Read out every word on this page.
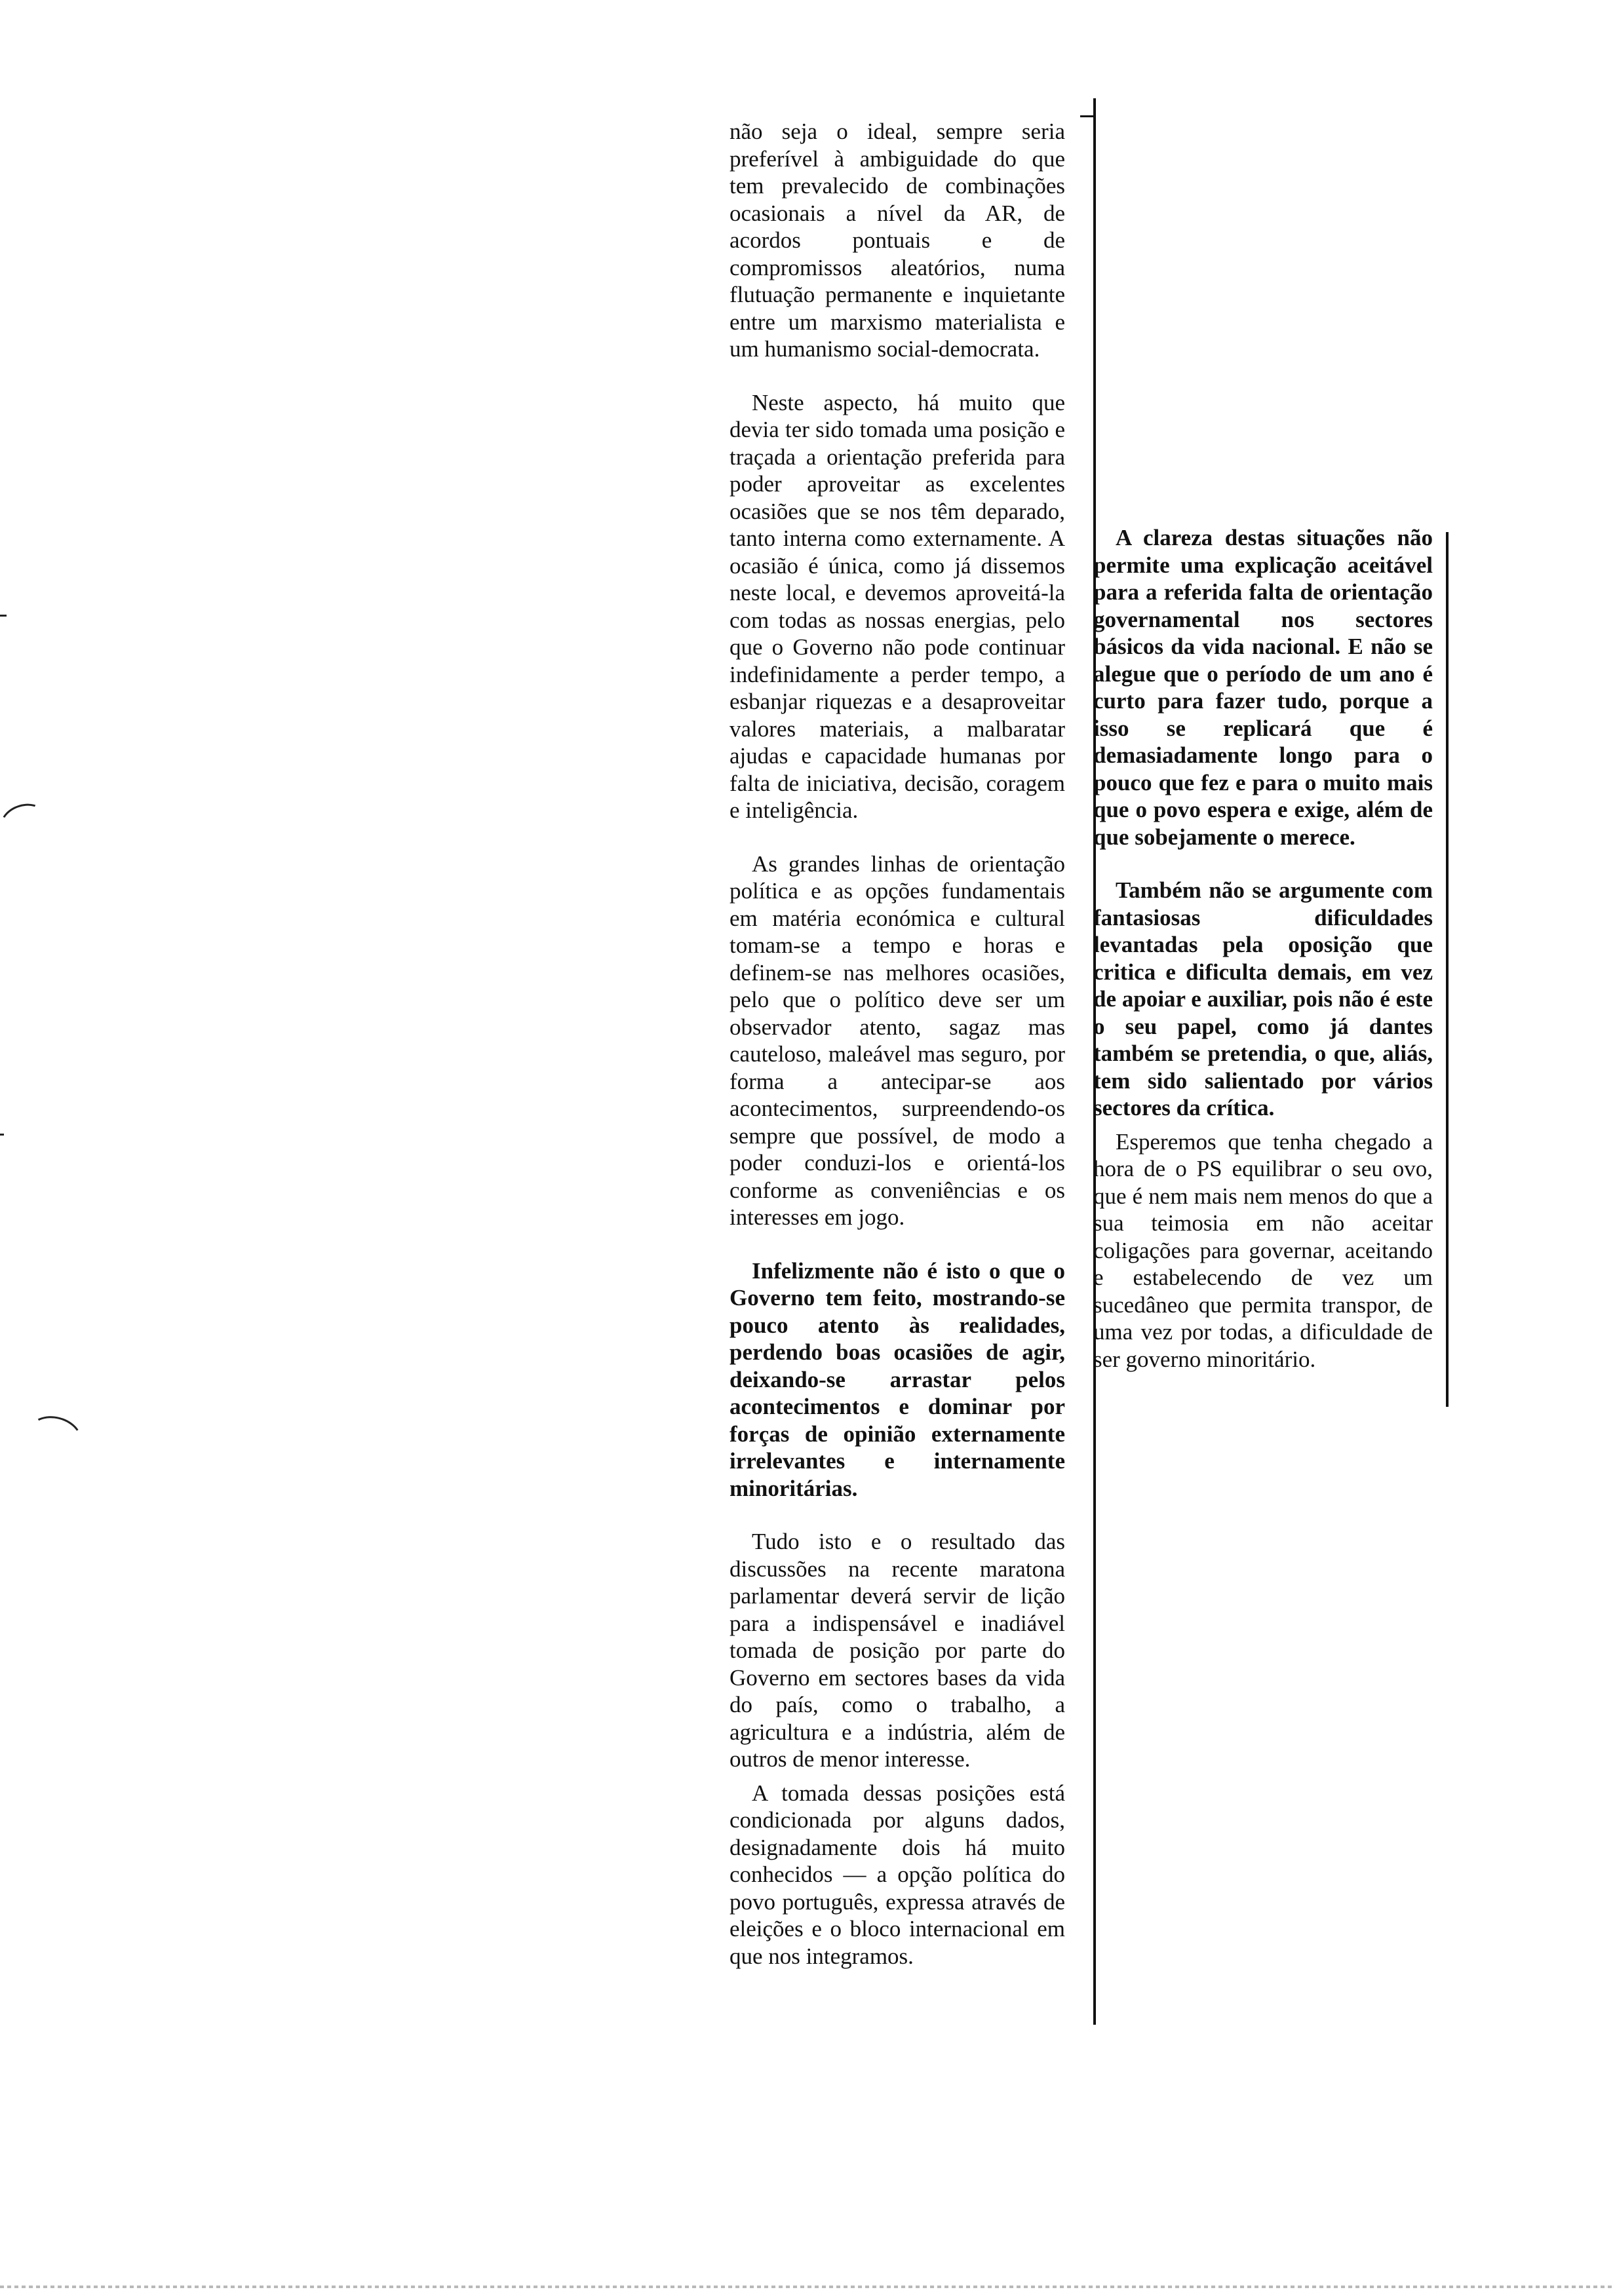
não seja o ideal, sempre seria preferível à ambiguidade do que tem prevalecido de combinações ocasionais a nível da AR, de acordos pontuais e de compromissos aleatórios, numa flutuação permanente e inquietante entre um marxismo materialista e um humanismo social-democrata.

Neste aspecto, há muito que devia ter sido tomada uma posição e traçada a orientação preferida para poder aproveitar as excelentes ocasiões que se nos têm deparado, tanto interna como externamente. A ocasião é única, como já dissemos neste local, e devemos aproveitá-la com todas as nossas energias, pelo que o Governo não pode continuar indefinidamente a perder tempo, a esbanjar riquezas e a desaproveitar valores materiais, a malbaratar ajudas e capacidade humanas por falta de iniciativa, decisão, coragem e inteligência.

As grandes linhas de orientação política e as opções fundamentais em matéria económica e cultural tomam-se a tempo e horas e definem-se nas melhores ocasiões, pelo que o político deve ser um observador atento, sagaz mas cauteloso, maleável mas seguro, por forma a antecipar-se aos acontecimentos, surpreendendo-os sempre que possível, de modo a poder conduzi-los e orientá-los conforme as conveniências e os interesses em jogo.

Infelizmente não é isto o que o Governo tem feito, mostrando-se pouco atento às realidades, perdendo boas ocasiões de agir, deixando-se arrastar pelos acontecimentos e dominar por forças de opinião externamente irrelevantes e internamente minoritárias.

Tudo isto e o resultado das discussões na recente maratona parlamentar deverá servir de lição para a indispensável e inadiável tomada de posição por parte do Governo em sectores bases da vida do país, como o trabalho, a agricultura e a indústria, além de outros de menor interesse.

A tomada dessas posições está condicionada por alguns dados, designadamente dois há muito conhecidos — a opção política do povo português, expressa através de eleições e o bloco internacional em que nos integramos.

A clareza destas situações não permite uma explicação aceitável para a referida falta de orientação governamental nos sectores básicos da vida nacional. E não se alegue que o período de um ano é curto para fazer tudo, porque a isso se replicará que é demasiadamente longo para o pouco que fez e para o muito mais que o povo espera e exige, além de que sobejamente o merece.

Também não se argumente com fantasiosas dificuldades levantadas pela oposição que critica e dificulta demais, em vez de apoiar e auxiliar, pois não é este o seu papel, como já dantes também se pretendia, o que, aliás, tem sido salientado por vários sectores da crítica.

Esperemos que tenha chegado a hora de o PS equilibrar o seu ovo, que é nem mais nem menos do que a sua teimosia em não aceitar coligações para governar, aceitando e estabelecendo de vez um sucedâneo que permita transpor, de uma vez por todas, a dificuldade de ser governo minoritário.
